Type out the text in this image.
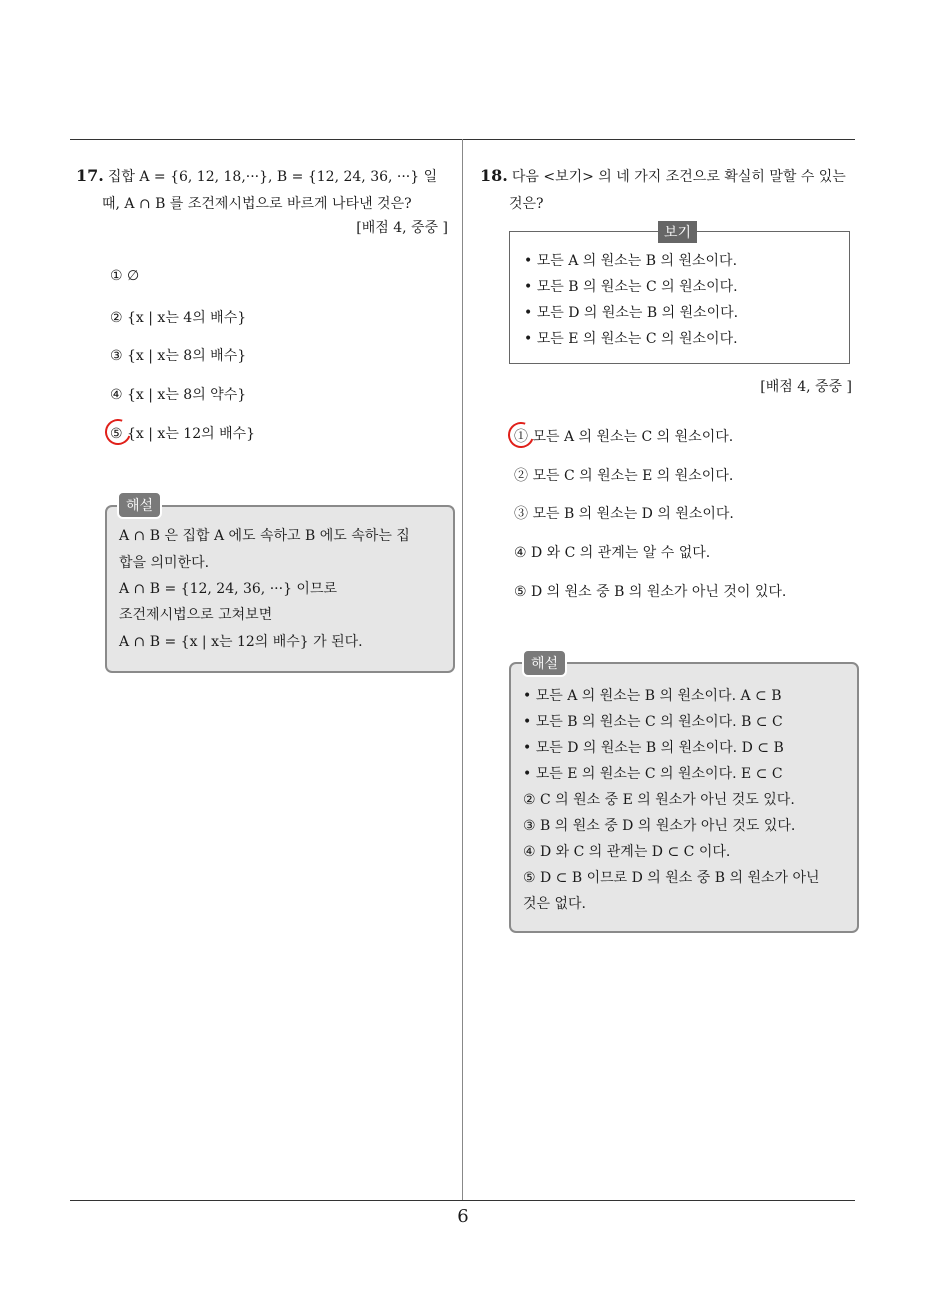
17. 집합 A = {6, 12, 18,···}, B = {12, 24, 36, ···} 일
때, A ∩ B 를 조건제시법으로 바르게 나타낸 것은?
[배점 4, 중중 ]
① ∅
② {x | x는 4의 배수}
③ {x | x는 8의 배수}
④ {x | x는 8의 약수}
⑤ {x | x는 12의 배수}
A ∩ B 은 집합 A 에도 속하고 B 에도 속하는 집
합을 의미한다.
A ∩ B = {12, 24, 36, ···} 이므로
조건제시법으로 고쳐보면
A ∩ B = {x | x는 12의 배수} 가 된다.
해설
18. 다음 <보기> 의 네 가지 조건으로 확실히 말할 수 있는
것은?
• 모든 A 의 원소는 B 의 원소이다.
• 모든 B 의 원소는 C 의 원소이다.
• 모든 D 의 원소는 B 의 원소이다.
• 모든 E 의 원소는 C 의 원소이다.
보기
[배점 4, 중중 ]
① 모든 A 의 원소는 C 의 원소이다.
② 모든 C 의 원소는 E 의 원소이다.
③ 모든 B 의 원소는 D 의 원소이다.
④ D 와 C 의 관계는 알 수 없다.
⑤ D 의 원소 중 B 의 원소가 아닌 것이 있다.
• 모든 A 의 원소는 B 의 원소이다. A ⊂ B
• 모든 B 의 원소는 C 의 원소이다. B ⊂ C
• 모든 D 의 원소는 B 의 원소이다. D ⊂ B
• 모든 E 의 원소는 C 의 원소이다. E ⊂ C
② C 의 원소 중 E 의 원소가 아닌 것도 있다.
③ B 의 원소 중 D 의 원소가 아닌 것도 있다.
④ D 와 C 의 관계는 D ⊂ C 이다.
⑤ D ⊂ B 이므로 D 의 원소 중 B 의 원소가 아닌
것은 없다.
해설
6
